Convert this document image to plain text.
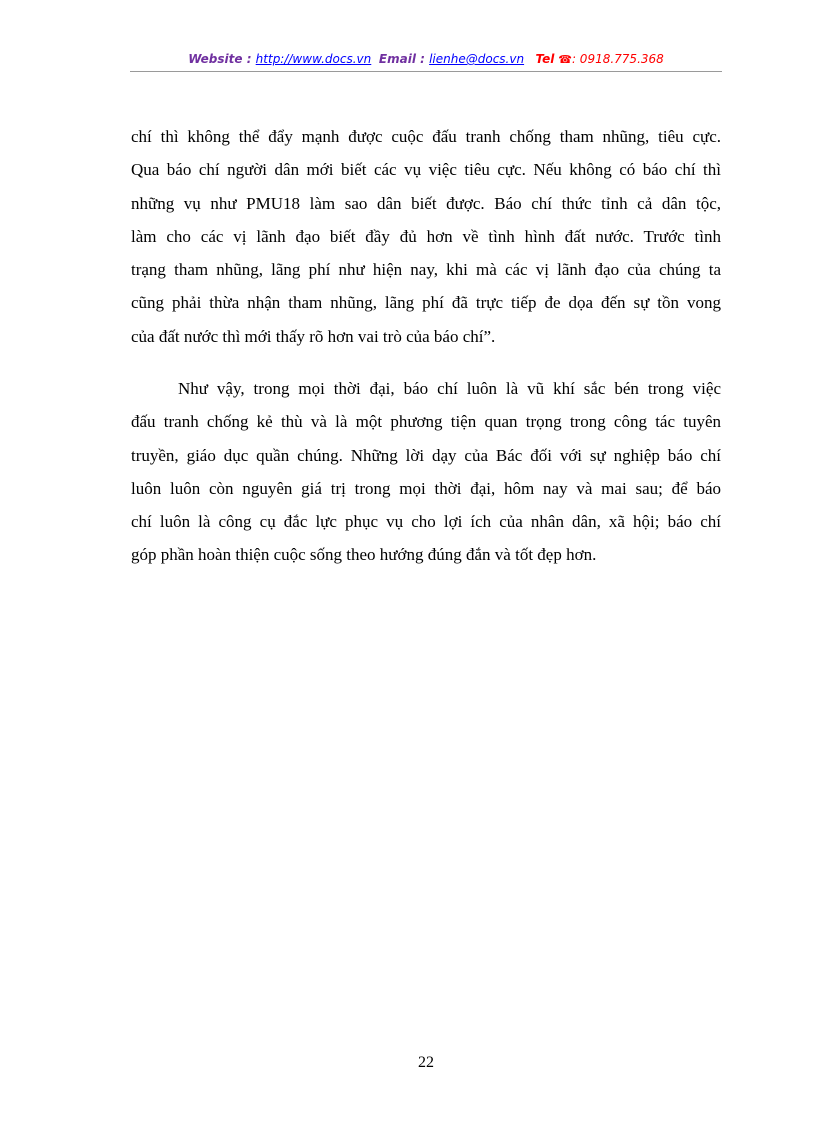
Website : http://www.docs.vn Email : lienhe@docs.vn Tel ☎: 0918.775.368
chí thì không thể đẩy mạnh được cuộc đấu tranh chống tham nhũng, tiêu cực.
Qua báo chí người dân mới biết các vụ việc tiêu cực. Nếu không có báo chí thì
những vụ như PMU18 làm sao dân biết được. Báo chí thức tỉnh cả dân tộc,
làm cho các vị lãnh đạo biết đầy đủ hơn về tình hình đất nước. Trước tình
trạng tham nhũng, lãng phí như hiện nay, khi mà các vị lãnh đạo của chúng ta
cũng phải thừa nhận tham nhũng, lãng phí đã trực tiếp đe dọa đến sự tồn vong
của đất nước thì mới thấy rõ hơn vai trò của báo chí”.
Như vậy, trong mọi thời đại, báo chí luôn là vũ khí sắc bén trong việc
đấu tranh chống kẻ thù và là một phương tiện quan trọng trong công tác tuyên
truyền, giáo dục quần chúng. Những lời dạy của Bác đối với sự nghiệp báo chí
luôn luôn còn nguyên giá trị trong mọi thời đại, hôm nay và mai sau; để báo
chí luôn là công cụ đắc lực phục vụ cho lợi ích của nhân dân, xã hội; báo chí
góp phần hoàn thiện cuộc sống theo hướng đúng đắn và tốt đẹp hơn.
22
